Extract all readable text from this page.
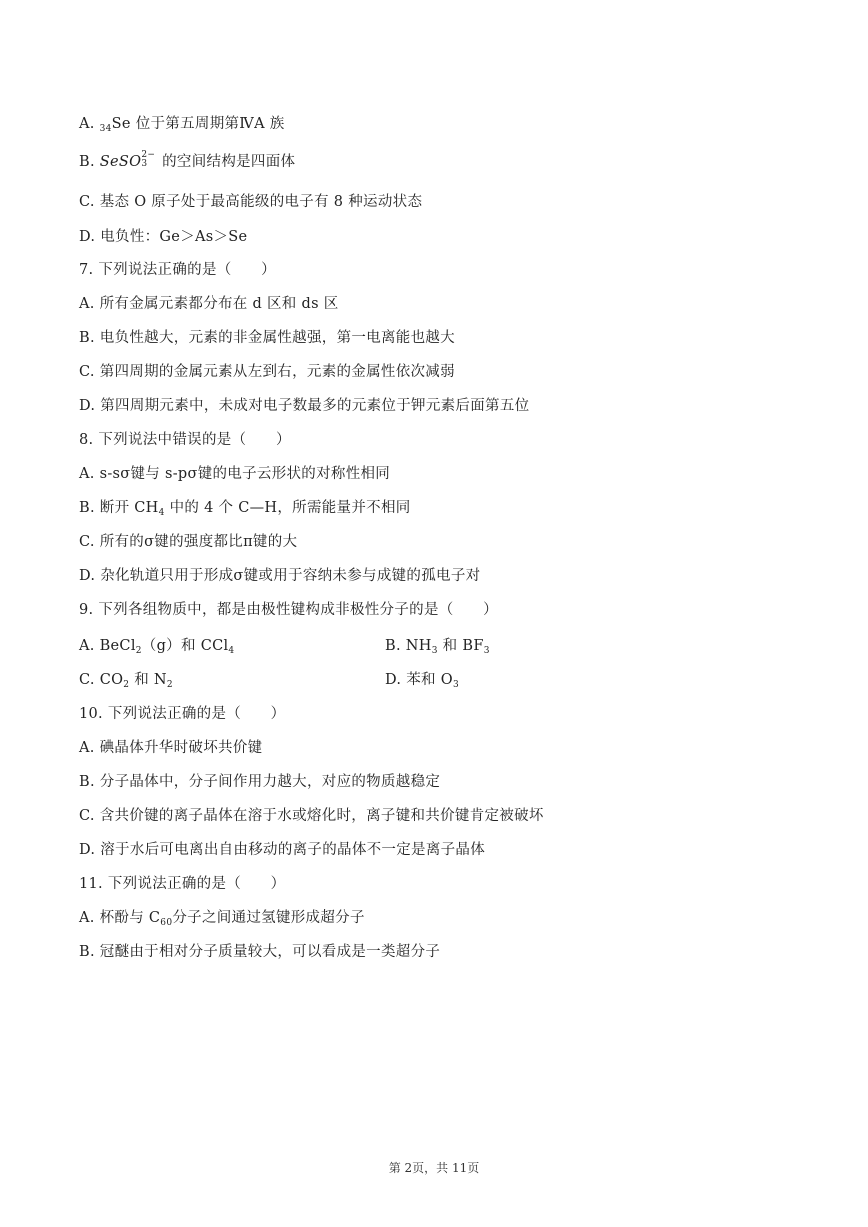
A. $_{34}$Se 位于第五周期第ⅣA 族
B. SeSO 2−
3 的空间结构是四面体
C. 基态 O 原子处于最高能级的电子有 8 种运动状态
D. 电负性：Ge＞As＞Se
7. 下列说法正确的是（　　）
A. 所有金属元素都分布在 d 区和 ds 区
B. 电负性越大，元素的非金属性越强，第一电离能也越大
C. 第四周期的金属元素从左到右，元素的金属性依次减弱
D. 第四周期元素中，未成对电子数最多的元素位于钾元素后面第五位
8. 下列说法中错误的是（　　）
A. s-sσ键与 s-pσ键的电子云形状的对称性相同
B. 断开 $CH_4$ 中的 4 个 C—H，所需能量并不相同
C. 所有的σ键的强度都比π键的大
D. 杂化轨道只用于形成σ键或用于容纳未参与成键的孤电子对
9. 下列各组物质中，都是由极性键构成非极性分子的是（　　）
A. BeCl$_2$（g）和 CCl$_4$	B. $NH_3$ 和 $BF_3$
C. $CO_2$ 和 $N_2$	D. 苯和 $O_3$
10. 下列说法正确的是（　　）
A. 碘晶体升华时破坏共价键
B. 分子晶体中，分子间作用力越大，对应的物质越稳定
C. 含共价键的离子晶体在溶于水或熔化时，离子键和共价键肯定被破坏
D. 溶于水后可电离出自由移动的离子的晶体不一定是离子晶体
11. 下列说法正确的是（　　）
A. 杯酚与 $C_{60}$分子之间通过氢键形成超分子
B. 冠醚由于相对分子质量较大，可以看成是一类超分子
第 2页，共 11页
